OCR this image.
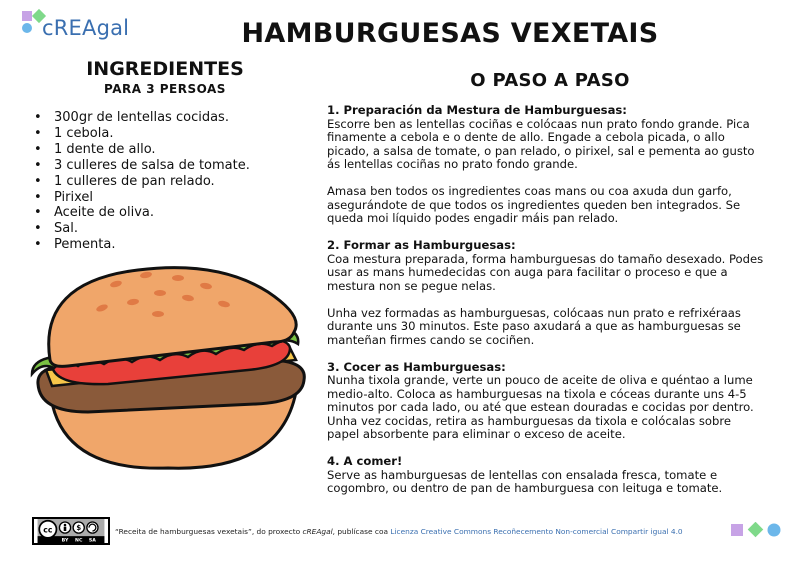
cREAgal	HAMBURGUESAS VEXETAIS
INGREDIENTES
PARA 3 PERSOAS
• 300gr de lentellas cocidas.
• 1 cebola.
• 1 dente de allo.
• 3 culleres de salsa de tomate.
• 1 culleres de pan relado.
• Pirixel
• Aceite de oliva.
• Sal.
• Pementa.
O PASO A PASO
1. Preparación da Mestura de Hamburguesas:

Escorre ben as lentellas cociñas e colócaas nun prato fondo grande. Pica

finamente a cebola e o dente de allo. Engade a cebola picada, o allo

picado, a salsa de tomate, o pan relado, o pirixel, sal e pementa ao gusto

ás lentellas cociñas no prato fondo grande.

Amasa ben todos os ingredientes coas mans ou coa axuda dun garfo,

asegurándote de que todos os ingredientes queden ben integrados. Se

queda moi líquido podes engadir máis pan relado.

2. Formar as Hamburguesas:

Coa mestura preparada, forma hamburguesas do tamaño desexado. Podes

usar as mans humedecidas con auga para facilitar o proceso e que a

mestura non se pegue nelas.

Unha vez formadas as hamburguesas, colócaas nun prato e refrixéraas

durante uns 30 minutos. Este paso axudará a que as hamburguesas se

manteñan firmes cando se cociñen.

3. Cocer as Hamburguesas:

Nunha tixola grande, verte un pouco de aceite de oliva e quéntao a lume

medio-alto. Coloca as hamburguesas na tixola e cóceas durante uns 4-5

minutos por cada lado, ou até que estean douradas e cocidas por dentro.

Unha vez cocidas, retira as hamburguesas da tixola e colócalas sobre

papel absorbente para eliminar o exceso de aceite.

4. A comer!

Serve as hamburguesas de lentellas con ensalada fresca, tomate e

cogombro, ou dentro de pan de hamburguesa con leituga e tomate.

cc	$
BY NC SA
“Receita de hamburguesas vexetais”, do proxecto cREAgal, publícase coa Licenza Creative Commons Recoñecemento Non-comercial Compartir igual 4.0
